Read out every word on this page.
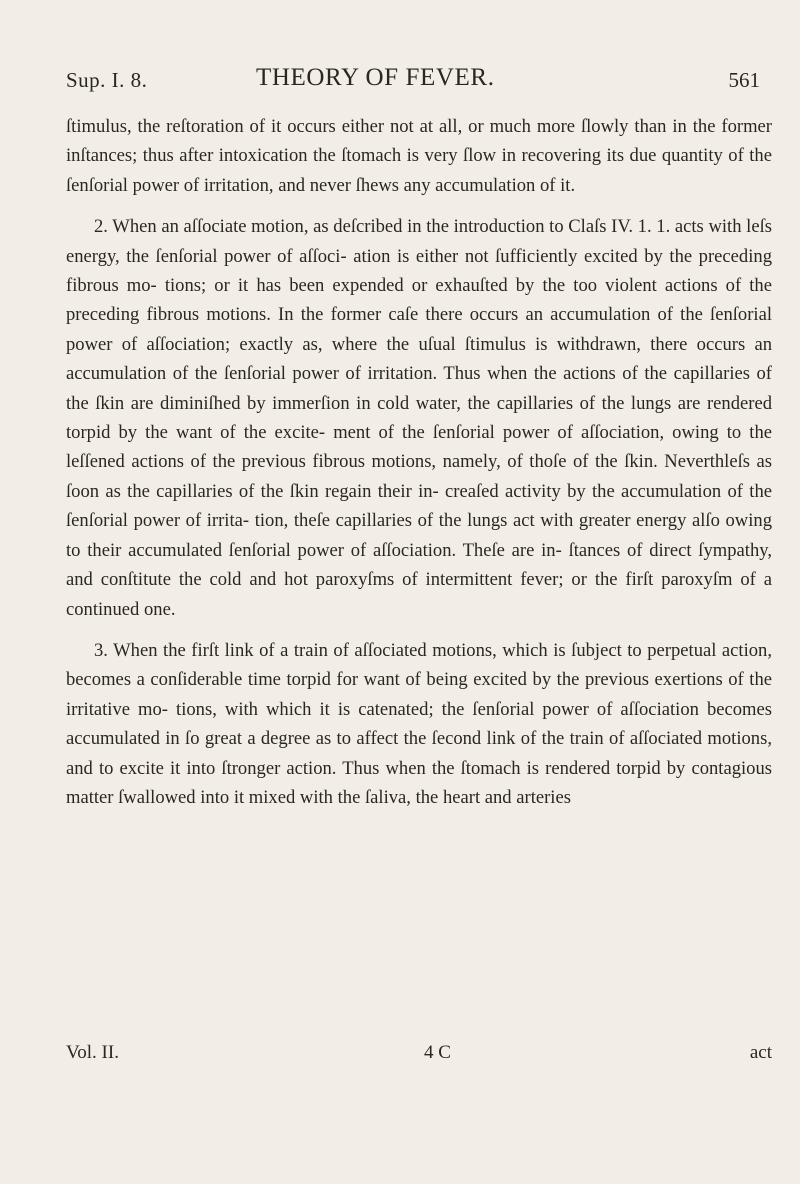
Sup. I. 8.	THEORY OF FEVER.	561

ſtimulus, the reſtoration of it occurs either not at all, or much more ſlowly than in the former inſtances; thus after intoxication the ſtomach is very ſlow in recovering its due quantity of the ſenſorial power of irritation, and never ſhews any accumulation of it.

2. When an aſſociate motion, as deſcribed in the introduction to Claſs IV. 1. 1. acts with leſs energy, the ſenſorial power of aſſoci- ation is either not ſufficiently excited by the preceding fibrous mo- tions; or it has been expended or exhauſted by the too violent actions of the preceding fibrous motions. In the former caſe there occurs an accumulation of the ſenſorial power of aſſociation; exactly as, where the uſual ſtimulus is withdrawn, there occurs an accumulation of the ſenſorial power of irritation. Thus when the actions of the capillaries of the ſkin are diminiſhed by immerſion in cold water, the capillaries of the lungs are rendered torpid by the want of the excite- ment of the ſenſorial power of aſſociation, owing to the leſſened actions of the previous fibrous motions, namely, of thoſe of the ſkin. Neverthleſs as ſoon as the capillaries of the ſkin regain their in- creaſed activity by the accumulation of the ſenſorial power of irrita- tion, theſe capillaries of the lungs act with greater energy alſo owing to their accumulated ſenſorial power of aſſociation. Theſe are in- ſtances of direct ſympathy, and conſtitute the cold and hot paroxyſms of intermittent fever; or the firſt paroxyſm of a continued one.

3. When the firſt link of a train of aſſociated motions, which is ſubject to perpetual action, becomes a conſiderable time torpid for want of being excited by the previous exertions of the irritative mo- tions, with which it is catenated; the ſenſorial power of aſſociation becomes accumulated in ſo great a degree as to affect the ſecond link of the train of aſſociated motions, and to excite it into ſtronger action. Thus when the ſtomach is rendered torpid by contagious matter ſwallowed into it mixed with the ſaliva, the heart and arteries

Vol. II.	4 C	act
